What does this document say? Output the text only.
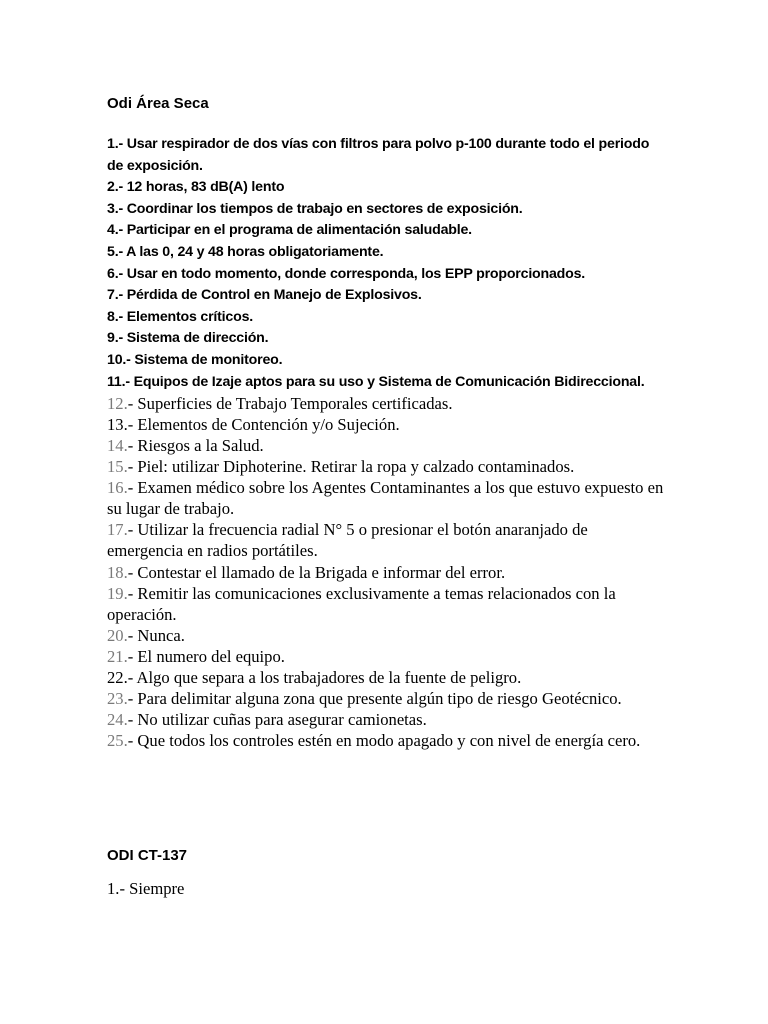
Odi Área Seca
1.- Usar respirador de dos vías con filtros para polvo p-100 durante todo el periodo de exposición.
2.- 12 horas, 83 dB(A) lento
3.- Coordinar los tiempos de trabajo en sectores de exposición.
4.- Participar en el programa de alimentación saludable.
5.- A las 0, 24 y 48 horas obligatoriamente.
6.- Usar en todo momento, donde corresponda, los EPP proporcionados.
7.- Pérdida de Control en Manejo de Explosivos.
8.- Elementos críticos.
9.- Sistema de dirección.
10.- Sistema de monitoreo.
11.- Equipos de Izaje aptos para su uso y Sistema de Comunicación Bidireccional.
12.- Superficies de Trabajo Temporales certificadas.
13.- Elementos de Contención y/o Sujeción.
14.- Riesgos a la Salud.
15.- Piel: utilizar Diphoterine. Retirar la ropa y calzado contaminados.
16.- Examen médico sobre los Agentes Contaminantes a los que estuvo expuesto en su lugar de trabajo.
17.- Utilizar la frecuencia radial N° 5 o presionar el botón anaranjado de emergencia en radios portátiles.
18.- Contestar el llamado de la Brigada e informar del error.
19.- Remitir las comunicaciones exclusivamente a temas relacionados con la operación.
20.- Nunca.
21.- El numero del equipo.
22.- Algo que separa a los trabajadores de la fuente de peligro.
23.- Para delimitar alguna zona que presente algún tipo de riesgo Geotécnico.
24.- No utilizar cuñas para asegurar camionetas.
25.- Que todos los controles estén en modo apagado y con nivel de energía cero.
ODI CT-137
1.- Siempre
